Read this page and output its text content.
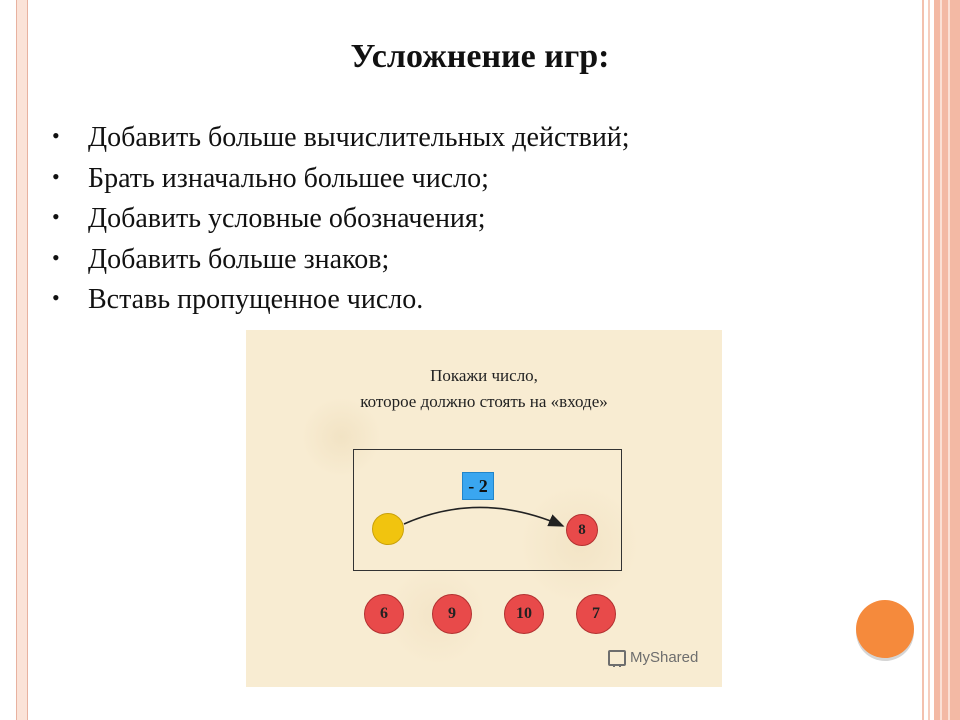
Усложнение игр:
• Добавить больше вычислительных действий;
• Брать изначально большее число;
• Добавить условные обозначения;
• Добавить больше знаков;
• Вставь пропущенное число.
Покажи число,
которое должно стоять на «входе»
- 2
8
6	9	10	7
MyShared
